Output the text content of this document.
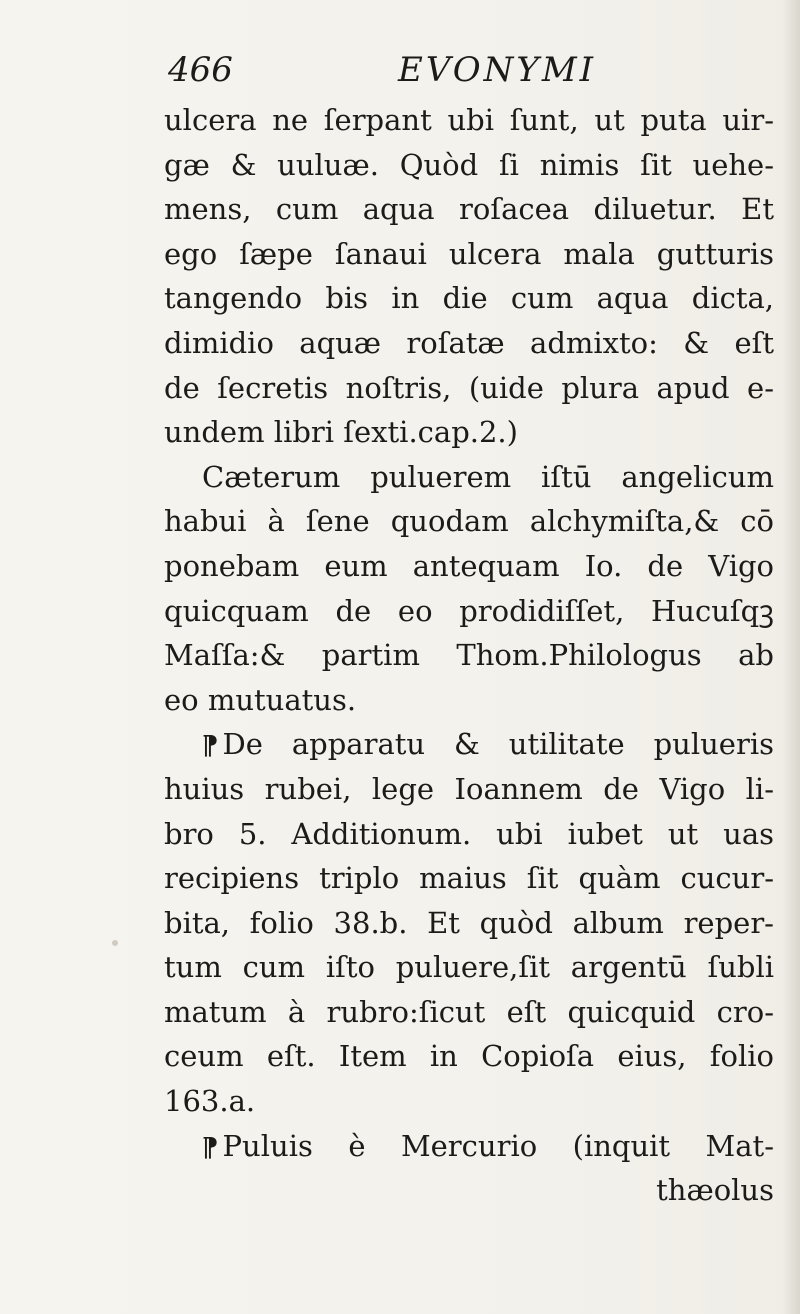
466	EVONYMI
ulcera ne ſerpant ubi ſunt, ut puta uir-
gæ & uuluæ. Quòd ſi nimis ſit uehe-
mens, cum aqua roſacea diluetur. Et
ego ſæpe ſanaui ulcera mala gutturis
tangendo bis in die cum aqua dicta,
dimidio aquæ roſatæ admixto: & eſt
de ſecretis noſtris, (uide plura apud e-
undem libri ſexti.cap.2.)
Cæterum puluerem iſtū angelicum
habui à ſene quodam alchymiſta,& cō
ponebam eum antequam Io. de Vigo
quicquam de eo prodidiſſet, Hucuſqꝫ
Maſſa:& partim Thom.Philologus ab
eo mutuatus.
¶ De apparatu & utilitate pulueris
huius rubei, lege Ioannem de Vigo li-
bro 5. Additionum. ubi iubet ut uas
recipiens triplo maius ſit quàm cucur-
bita, folio 38.b. Et quòd album reper-
tum cum iſto puluere,ſit argentū ſubli
matum à rubro:ſicut eſt quicquid cro-
ceum eſt. Item in Copioſa eius, folio
163.a.
¶ Puluis è Mercurio (inquit Mat-
thæolus
